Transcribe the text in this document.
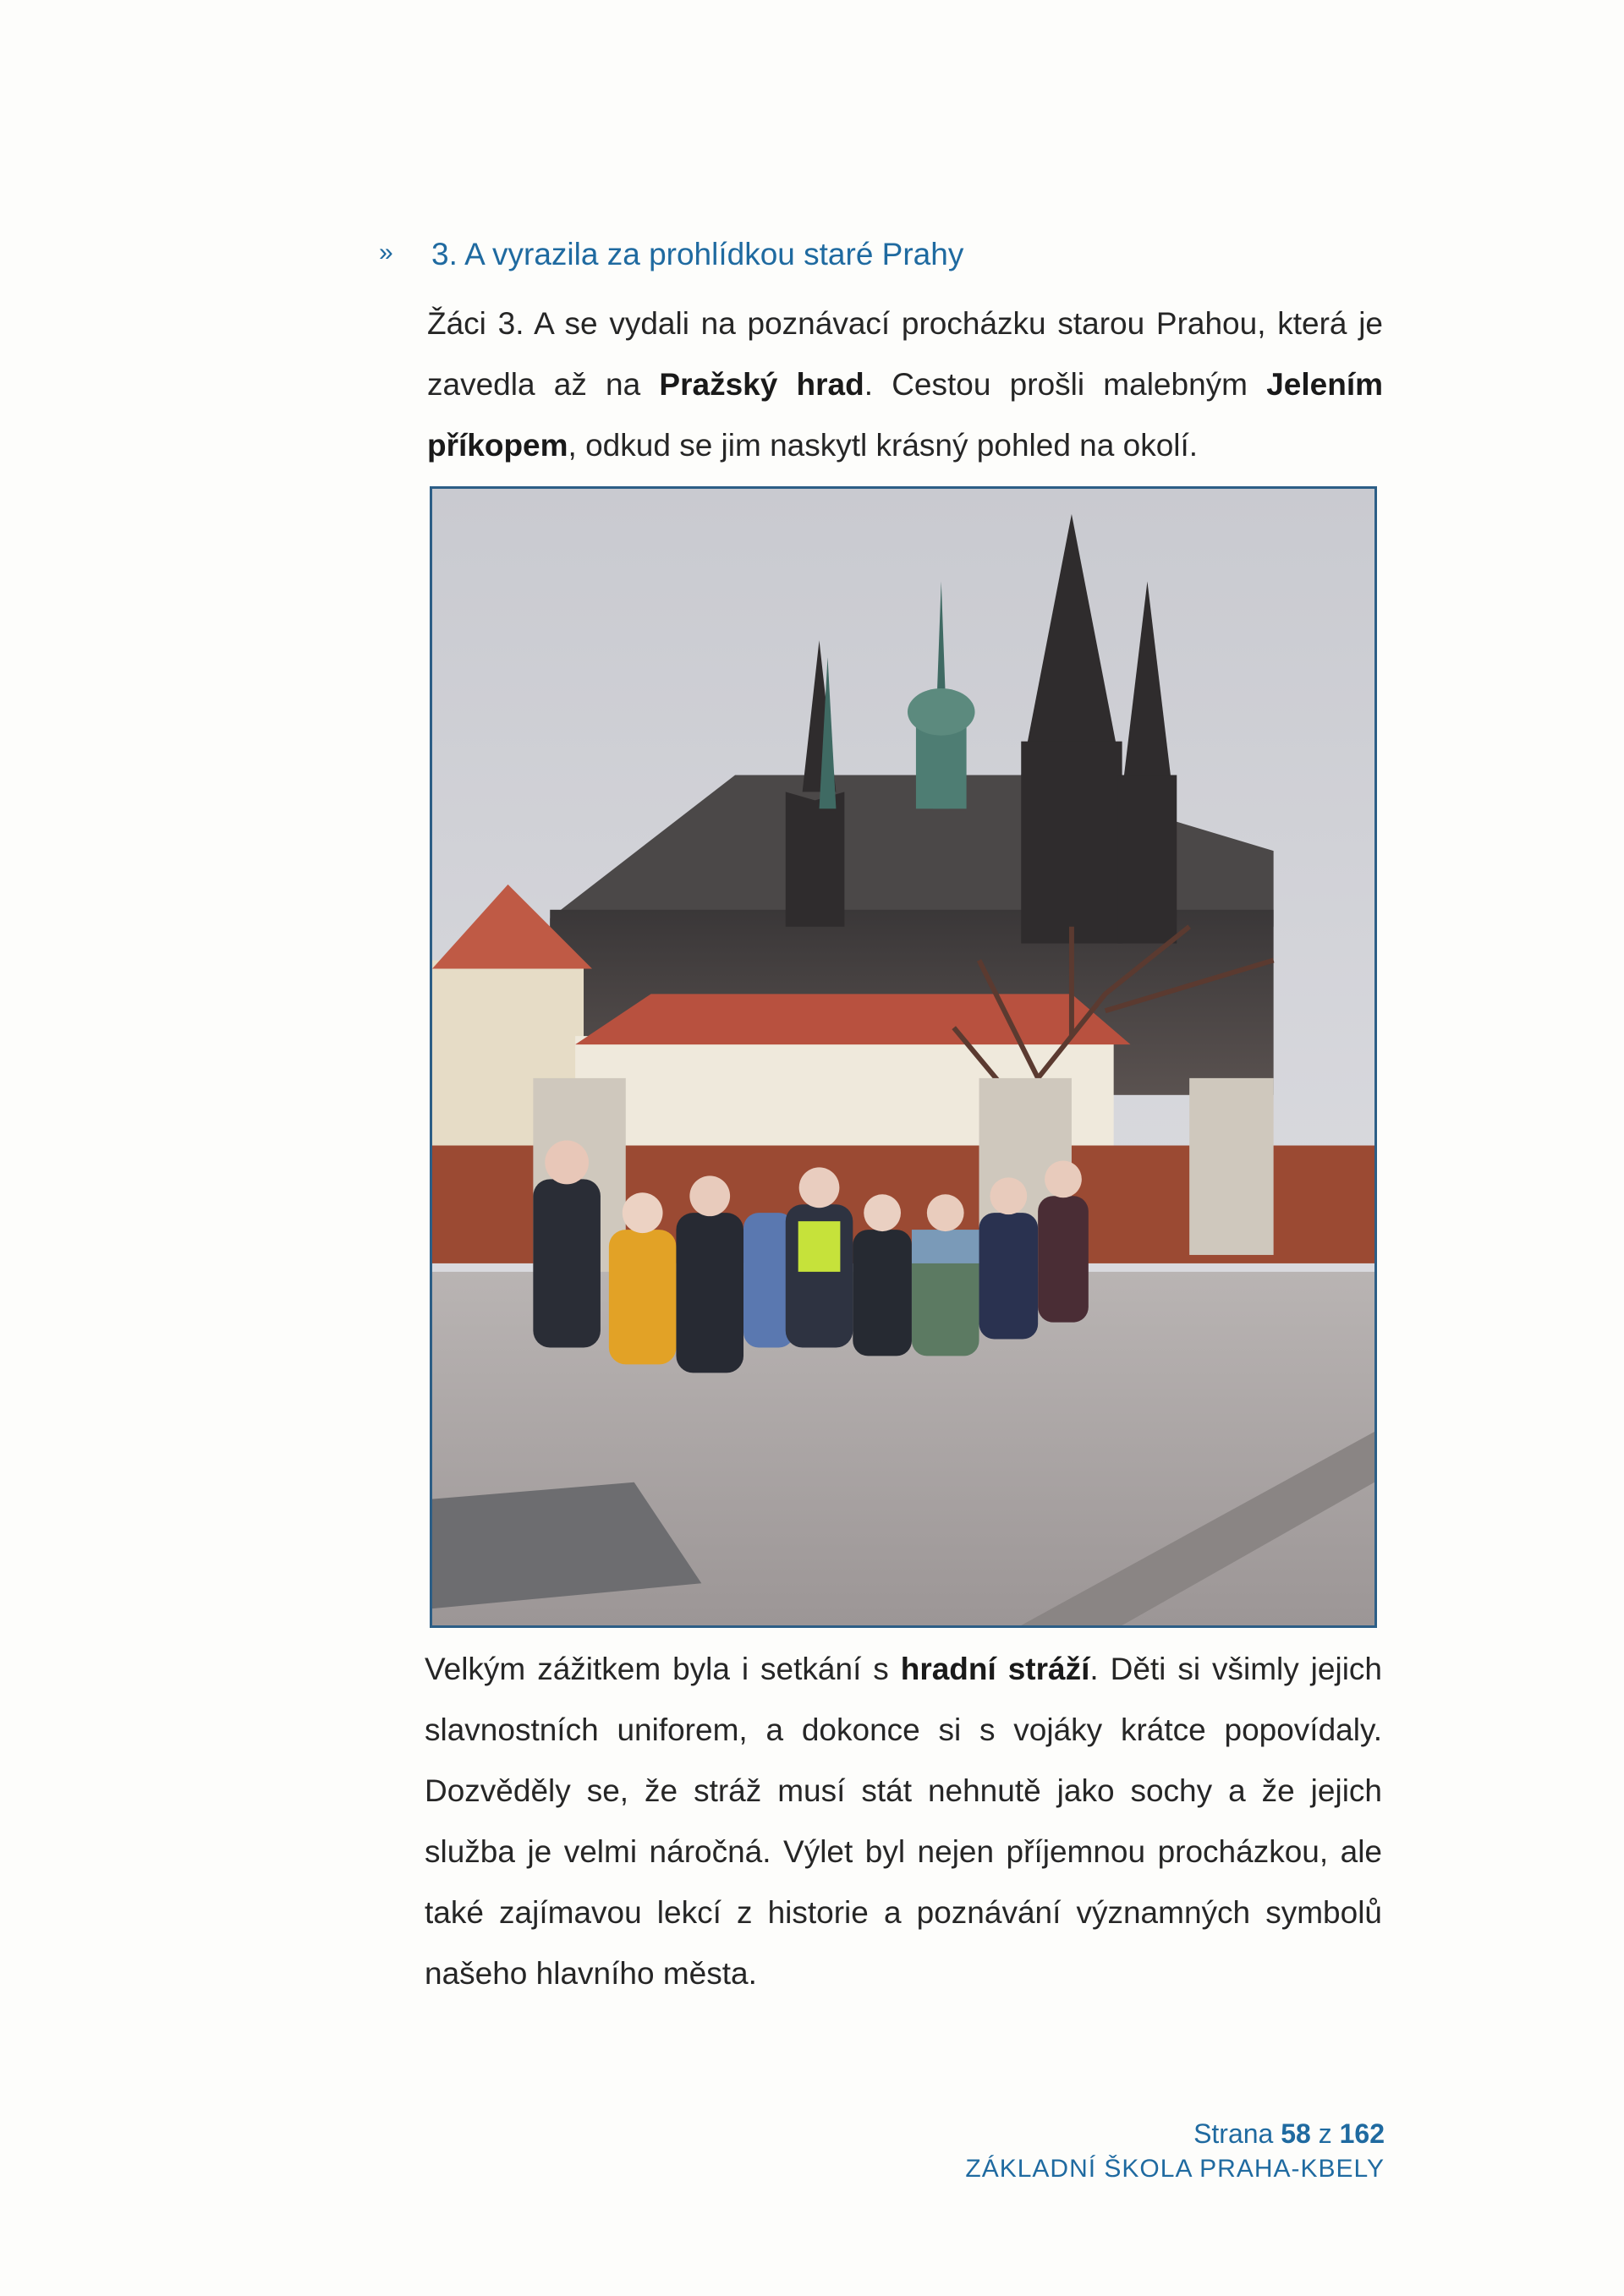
» 3. A vyrazila za prohlídkou staré Prahy
Žáci 3. A se vydali na poznávací procházku starou Prahou, která je zavedla až na Pražský hrad. Cestou prošli malebným Jelením příkopem, odkud se jim naskytl krásný pohled na okolí.
Velkým zážitkem byla i setkání s hradní stráží. Děti si všimly jejich slavnostních uniforem, a dokonce si s vojáky krátce popovídaly. Dozvěděly se, že stráž musí stát nehnutě jako sochy a že jejich služba je velmi náročná. Výlet byl nejen příjemnou procházkou, ale také zajímavou lekcí z historie a poznávání významných symbolů našeho hlavního města.
Strana 58 z 162
ZÁKLADNÍ ŠKOLA PRAHA-KBELY
